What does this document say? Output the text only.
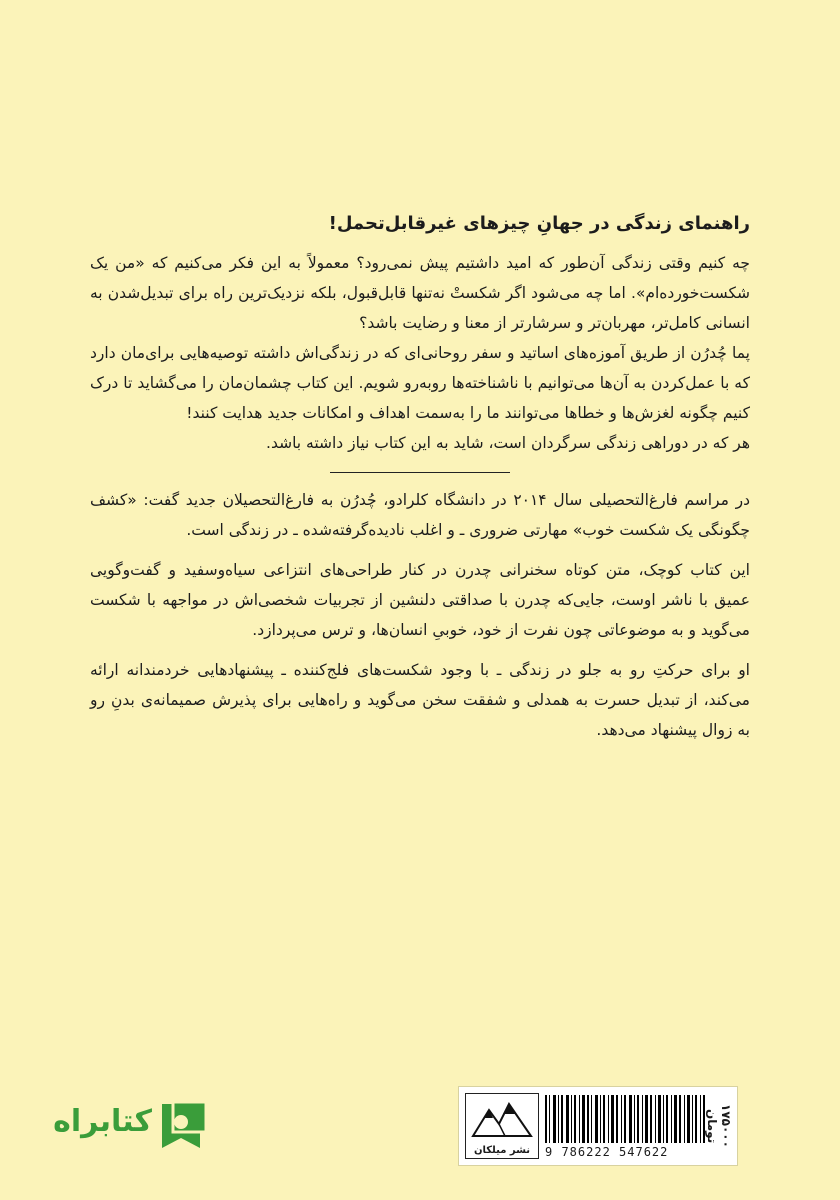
راهنمای زندگی در جهانِ چیزهای غیرقابل‌تحمل!

چه کنیم وقتی زندگی آن‌طور که امید داشتیم پیش نمی‌رود؟ معمولاً به این فکر می‌کنیم که «من یک شکست‌خورده‌ام». اما چه می‌شود اگر شکستْ نه‌تنها قابل‌قبول، بلکه نزدیک‌ترین راه برای تبدیل‌شدن به انسانی کامل‌تر، مهربان‌تر و سرشارتر از معنا و رضایت باشد؟

پما چُدرُن از طریق آموزه‌های اساتید و سفر روحانی‌ای که در زندگی‌اش داشته توصیه‌هایی برای‌مان دارد که با عمل‌کردن به آن‌ها می‌توانیم با ناشناخته‌ها روبه‌رو شویم. این کتاب چشمان‌مان را می‌گشاید تا درک کنیم چگونه لغزش‌ها و خطاها می‌توانند ما را به‌سمت اهداف و امکانات جدید هدایت کنند!

هر که در دوراهی زندگی سرگردان است، شاید به این کتاب نیاز داشته باشد.

در مراسم فارغ‌التحصیلی سال ۲۰۱۴ در دانشگاه کلرادو، چُدرُن به فارغ‌التحصیلان جدید گفت: «کشف چگونگی یک شکست خوب» مهارتی ضروری ـ و اغلب نادیده‌گرفته‌شده ـ در زندگی است.

این کتاب کوچک، متن کوتاه سخنرانی چدرن در کنار طراحی‌های انتزاعی سیاه‌وسفید و گفت‌وگویی عمیق با ناشر اوست، جایی‌که چدرن با صداقتی دلنشین از تجربیات شخصی‌اش در مواجهه با شکست می‌گوید و به موضوعاتی چون نفرت از خود، خوبیِ انسان‌ها، و ترس می‌پردازد.

او برای حرکتِ رو به جلو در زندگی ـ با وجود شکست‌های فلج‌کننده ـ پیشنهادهایی خردمندانه ارائه می‌کند، از تبدیل حسرت به همدلی و شفقت سخن می‌گوید و راه‌هایی برای پذیرش صمیمانه‌ی بدنِ رو به زوال پیشنهاد می‌دهد.

نشر میلکان	9 786222 547622
۱۷۵۰۰۰ تومان
کتابراه
